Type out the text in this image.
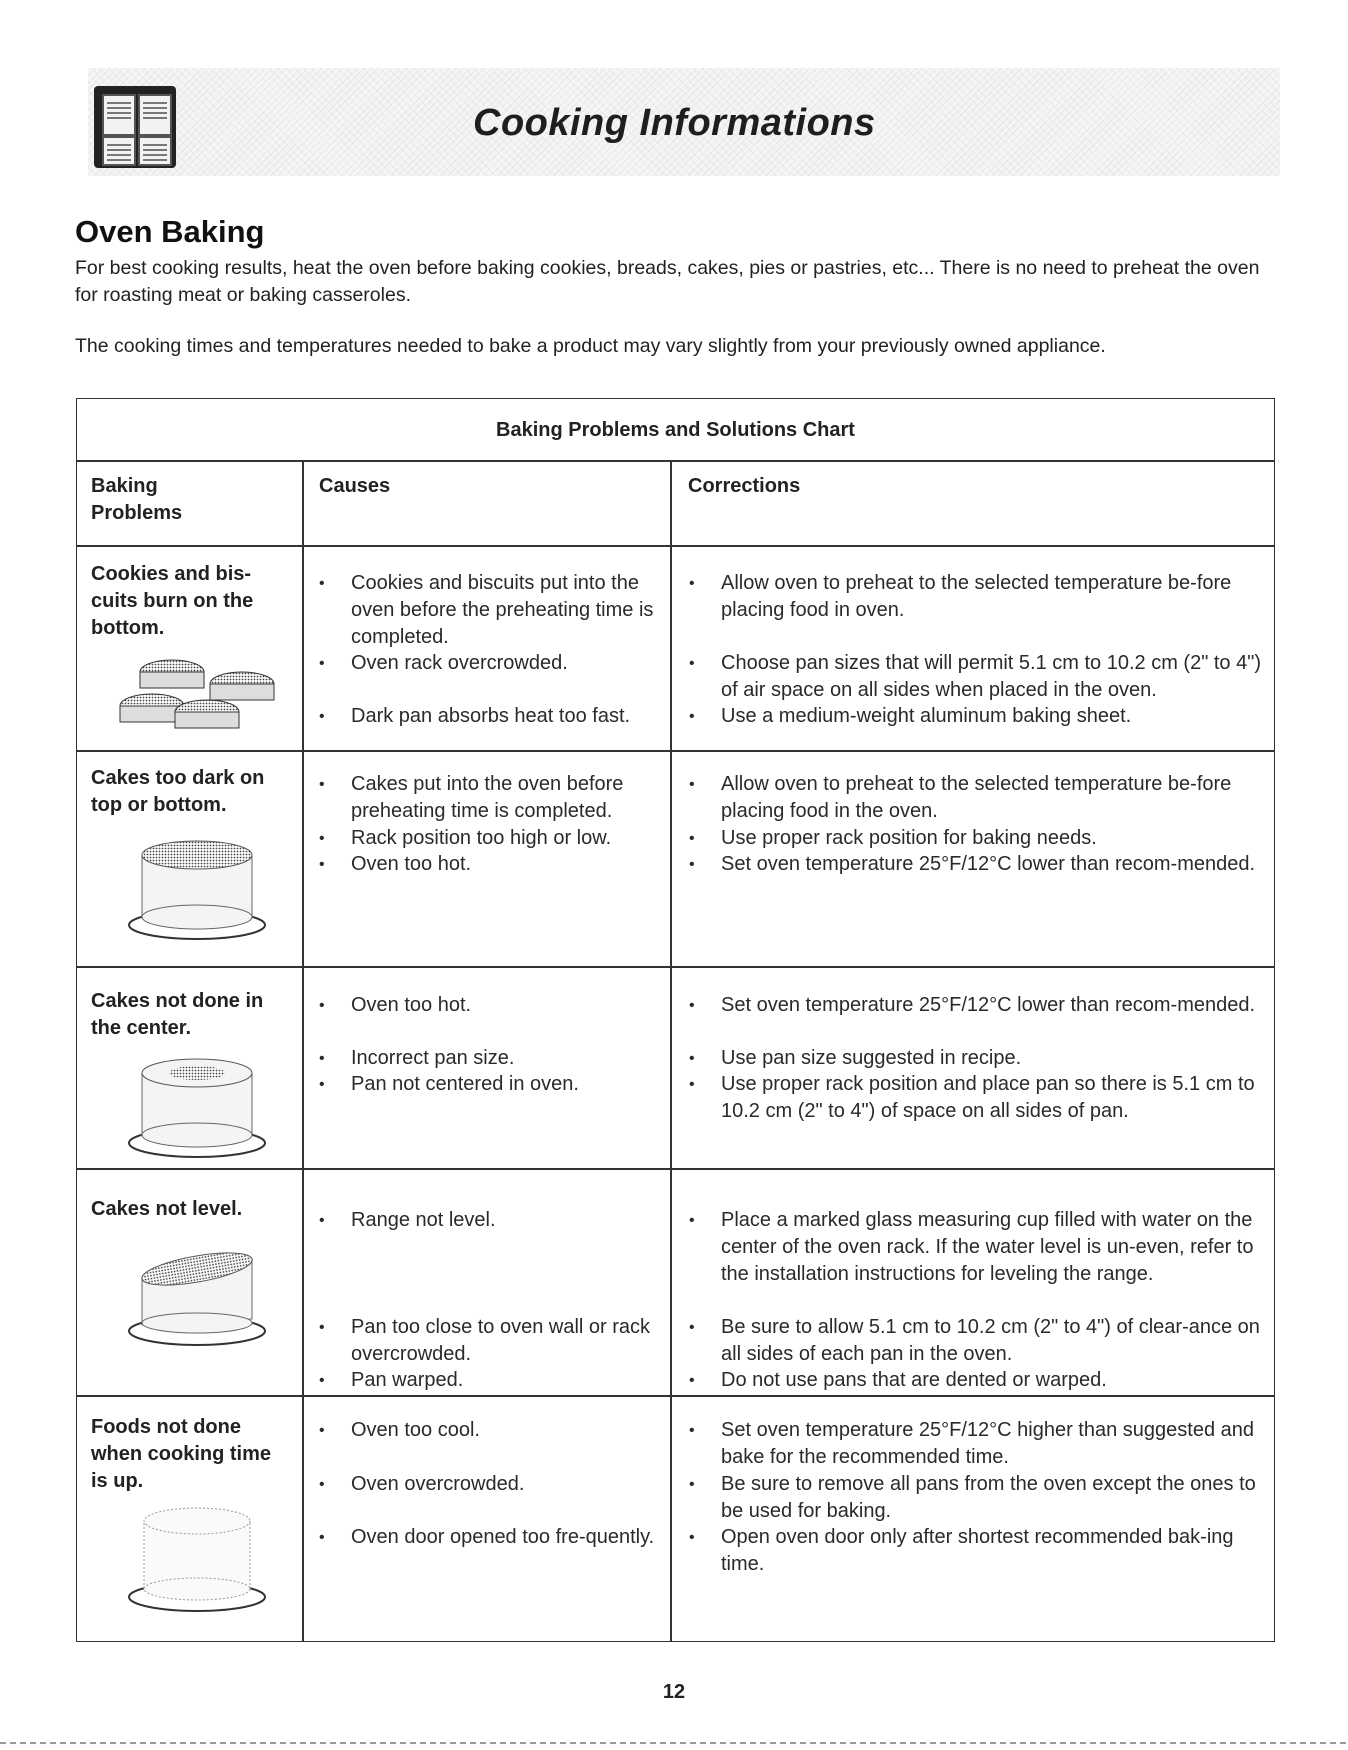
Cooking Informations
Oven Baking
For best cooking results, heat the oven before baking cookies, breads, cakes, pies or pastries, etc... There is no need to preheat the oven for roasting meat or baking casseroles.
The cooking times and temperatures needed to bake a product may vary slightly from your previously owned appliance.
Baking Problems and Solutions Chart
Baking Problems
Causes	Corrections
Cookies and bis-cuits burn on the bottom.
• Cookies and biscuits put into the oven before the preheating time is completed.
• Oven rack overcrowded.
• Dark pan absorbs heat too fast.
• Allow oven to preheat to the selected temperature be-fore placing food in oven.
• Choose pan sizes that will permit 5.1 cm to 10.2 cm (2" to 4") of air space on all sides when placed in the oven.
• Use a medium-weight aluminum baking sheet.
Cakes too dark on top or bottom.
• Cakes put into the oven before preheating time is completed.
• Rack position too high or low.
• Oven too hot.
• Allow oven to preheat to the selected temperature be-fore placing food in the oven.
• Use proper rack position for baking needs.
• Set oven temperature 25°F/12°C lower than recom-mended.
Cakes not done in the center.
• Oven too hot.
• Incorrect pan size.
• Pan not centered in oven.
• Set oven temperature 25°F/12°C lower than recom-mended.
• Use pan size suggested in recipe.
• Use proper rack position and place pan so there is 5.1 cm to 10.2 cm (2" to 4") of space on all sides of pan.
Cakes not level.
•	Range not level.
• Pan too close to oven wall or rack overcrowded.
• Pan warped.
• Place a marked glass measuring cup filled with water on the center of the oven rack. If the water level is un-even, refer to the installation instructions for leveling the range.
• Be sure to allow 5.1 cm to 10.2 cm (2" to 4") of clear-ance on all sides of each pan in the oven.
• Do not use pans that are dented or warped.
Foods not done when cooking time is up.
• Oven too cool.
• Oven overcrowded.
• Oven door opened too fre-quently.
• Set oven temperature 25°F/12°C higher than suggested and bake for the recommended time.
• Be sure to remove all pans from the oven except the ones to be used for baking.
• Open oven door only after shortest recommended bak-ing time.
12
